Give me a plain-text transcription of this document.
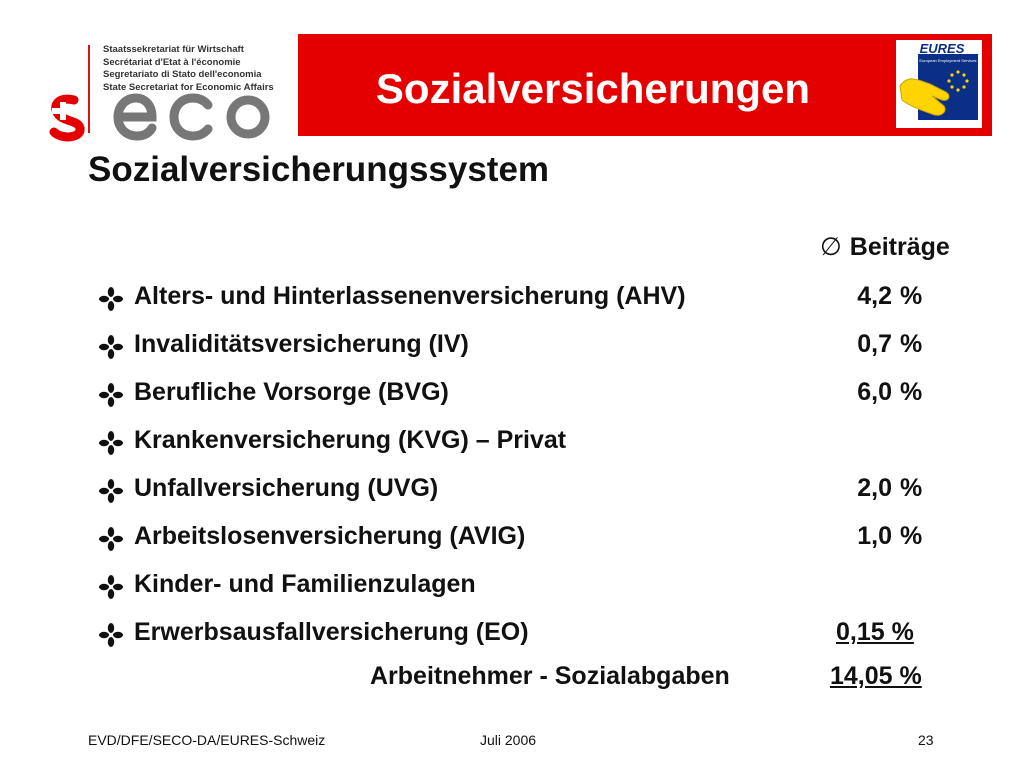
Staatssekretariat für Wirtschaft
Secrétariat d'Etat à l'économie
Segretariato di Stato dell'economia
State Secretariat for Economic Affairs	Sozialversicherungen
EURES
European Employment Services
Sozialversicherungssystem
∅ Beiträge
Alters- und Hinterlassenenversicherung (AHV)	4,2 %
Invaliditätsversicherung (IV)	0,7 %
Berufliche Vorsorge (BVG)	6,0 %
Krankenversicherung (KVG) – Privat
Unfallversicherung (UVG)	2,0 %
Arbeitslosenversicherung (AVIG)	1,0 %
Kinder- und Familienzulagen
Erwerbsausfallversicherung (EO)	0,15 %
Arbeitnehmer - Sozialabgaben	14,05 %
EVD/DFE/SECO-DA/EURES-Schweiz	Juli 2006	23
